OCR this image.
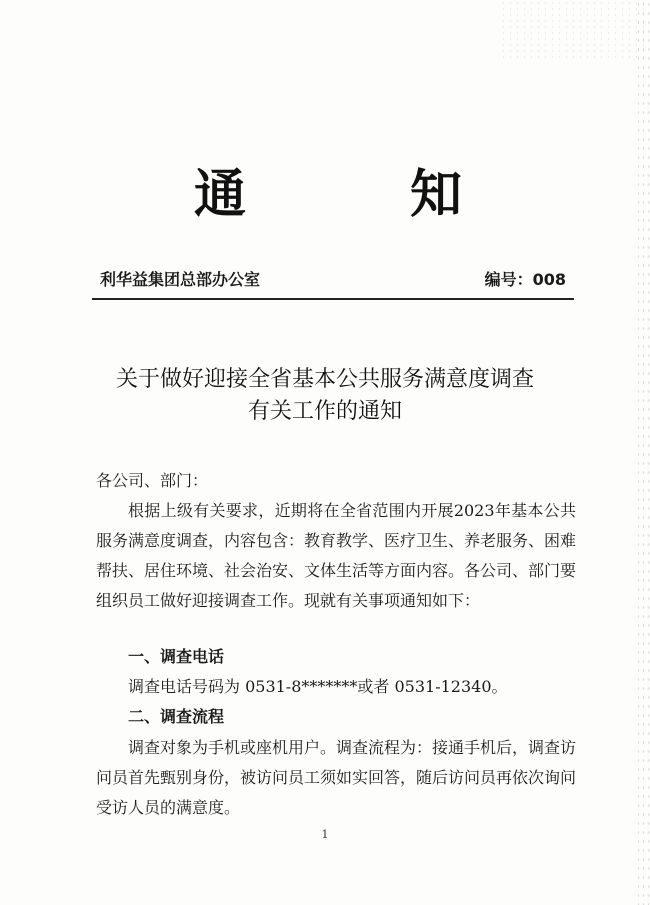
通	知
利华益集团总部办公室	编号：008
关于做好迎接全省基本公共服务满意度调查
有关工作的通知
各公司、部门：
根据上级有关要求，近期将在全省范围内开展2023年基本公共服务满意度调查，内容包含：教育教学、医疗卫生、养老服务、困难帮扶、居住环境、社会治安、文体生活等方面内容。各公司、部门要组织员工做好迎接调查工作。现就有关事项通知如下：
一、调查电话
调查电话号码为 0531-8*******或者 0531-12340。
二、调查流程
调查对象为手机或座机用户。调查流程为：接通手机后，调查访问员首先甄别身份，被访问员工须如实回答，随后访问员再依次询问受访人员的满意度。
1
